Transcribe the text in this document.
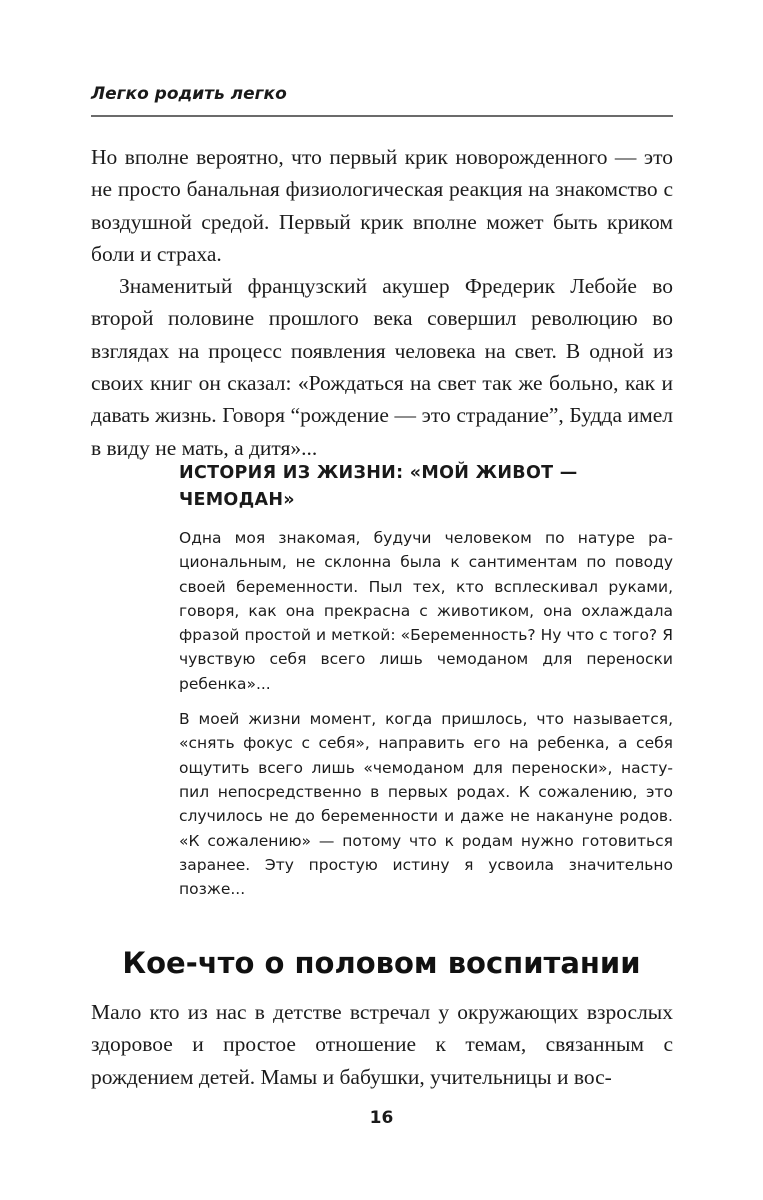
Легко родить легко

Но вполне вероятно, что первый крик новорожденного — это не просто банальная физиологическая реакция на знакомство с воздушной средой. Первый крик вполне может быть криком боли и страха.

Знаменитый французский акушер Фредерик Лебойе во второй половине прошлого века совершил революцию во взглядах на процесс появления человека на свет. В одной из своих книг он сказал: «Рождаться на свет так же больно, как и давать жизнь. Говоря “рождение — это страдание”, Будда имел в виду не мать, а дитя»...

ИСТОРИЯ ИЗ ЖИЗНИ: «МОЙ ЖИВОТ — ЧЕМОДАН»

Одна моя знакомая, будучи человеком по натуре рациональным, не склонна была к сантиментам по поводу своей беременности. Пыл тех, кто всплескивал руками, говоря, как она прекрасна с животиком, она охлаждала фразой простой и меткой: «Беременность? Ну что с того? Я чувствую себя всего лишь чемоданом для переноски ребенка»...

В моей жизни момент, когда пришлось, что называется, «снять фокус с себя», направить его на ребенка, а себя ощутить всего лишь «чемоданом для переноски», наступил непосредственно в первых родах. К сожалению, это случилось не до беременности и даже не накануне родов. «К сожалению» — потому что к родам нужно готовиться заранее. Эту простую истину я усвоила значительно позже...

Кое-что о половом воспитании

Мало кто из нас в детстве встречал у окружающих взрослых здоровое и простое отношение к темам, связанным с рождением детей. Мамы и бабушки, учительницы и вос-

16
